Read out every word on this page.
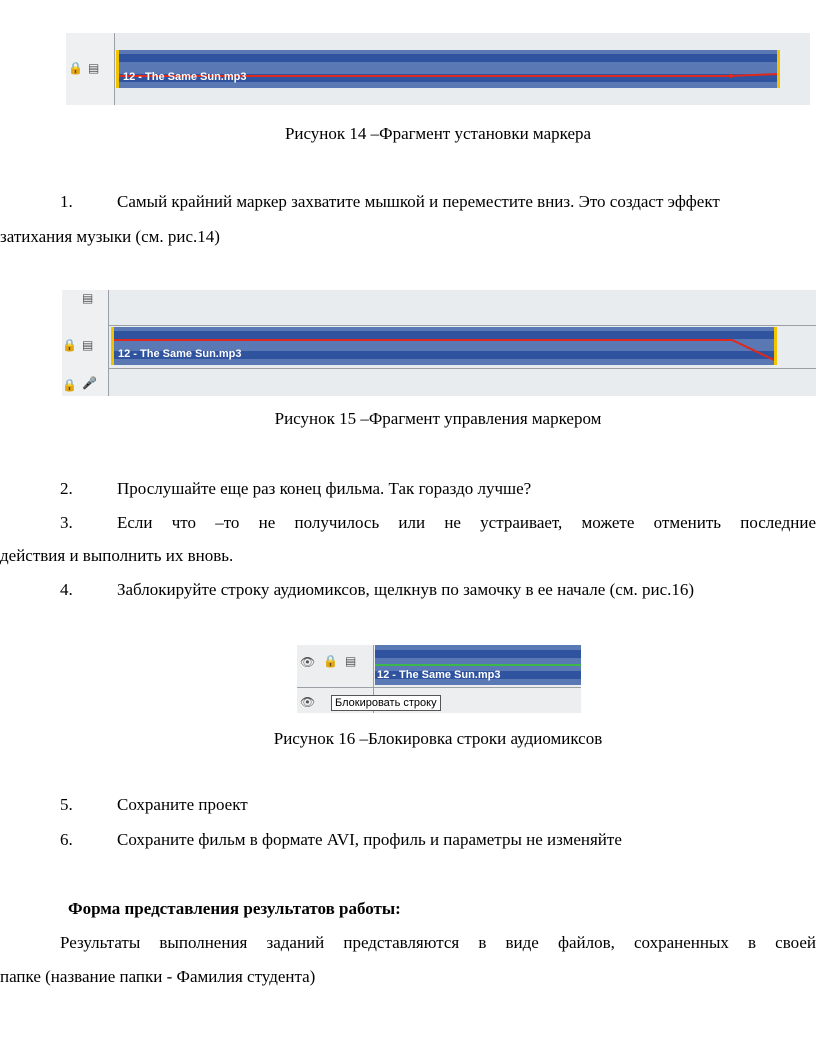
🔒 ▤
12 - The Same Sun.mp3
Рисунок 14 –Фрагмент установки маркера
1.	Самый крайний маркер захватите мышкой и переместите вниз. Это создаст эффект
затихания музыки (см. рис.14)
▤
🔒 ▤
🔒 🎤
12 - The Same Sun.mp3
Рисунок 15 –Фрагмент управления маркером
2.	Прослушайте еще раз конец фильма. Так гораздо лучше?
3.	Если что –то не получилось или не устраивает, можете отменить последние
действия и выполнить их вновь.
4.	Заблокируйте строку аудиомиксов, щелкнув по замочку в ее начале (см. рис.16)
👁 🔒 ▤
👁
12 - The Same Sun.mp3
Блокировать строку
Рисунок 16 –Блокировка строки аудиомиксов
5.	Сохраните проект
6.	Сохраните фильм в формате AVI, профиль и параметры не изменяйте
Форма представления результатов работы:
Результаты выполнения заданий представляются в виде файлов, сохраненных в своей
папке (название папки - Фамилия студента)
